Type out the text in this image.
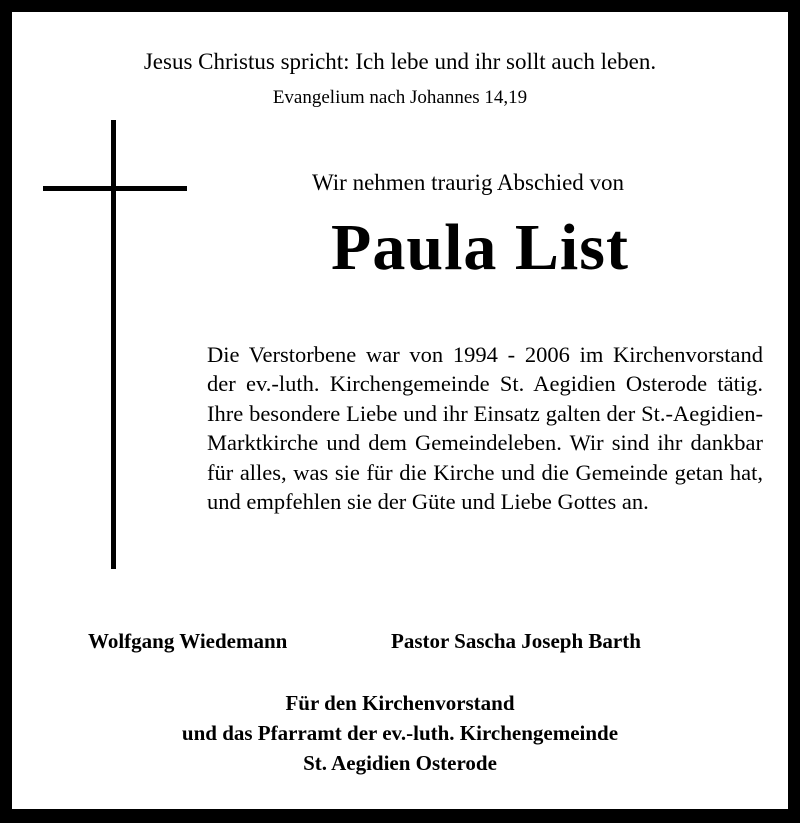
Jesus Christus spricht: Ich lebe und ihr sollt auch leben.
Evangelium nach Johannes 14,19
Wir nehmen traurig Abschied von
Paula List
Die Verstorbene war von 1994 - 2006 im Kirchenvorstand der ev.-luth. Kirchengemeinde St. Aegidien Osterode tätig. Ihre besondere Liebe und ihr Einsatz galten der St.-Aegidien-Marktkirche und dem Gemeindeleben. Wir sind ihr dankbar für alles, was sie für die Kirche und die Gemeinde getan hat, und empfehlen sie der Güte und Liebe Gottes an.
Wolfgang Wiedemann	Pastor Sascha Joseph Barth
Für den Kirchenvorstand
und das Pfarramt der ev.-luth. Kirchengemeinde
St. Aegidien Osterode
